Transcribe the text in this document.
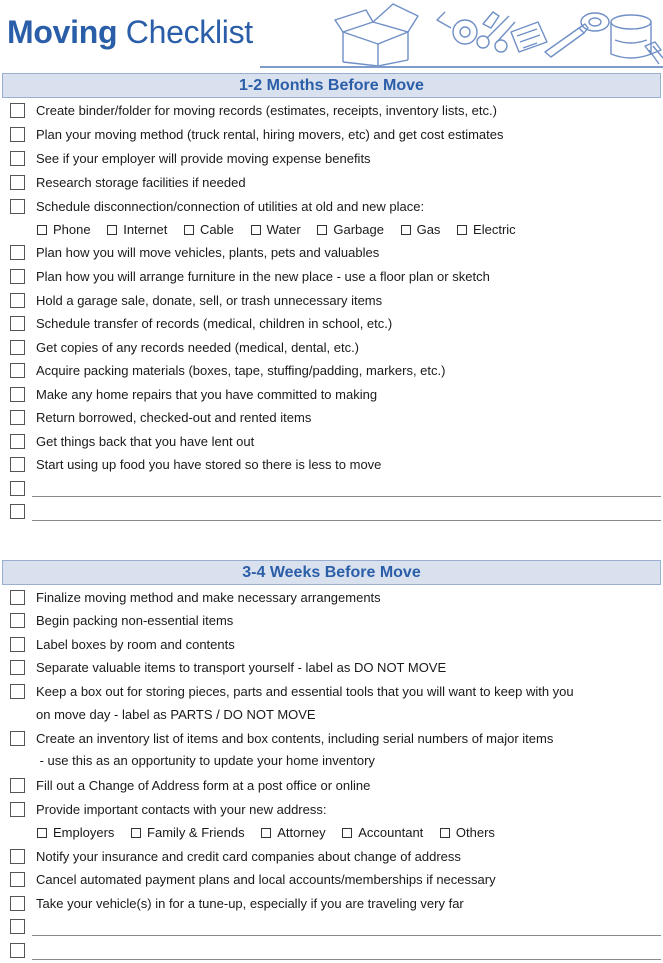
Moving Checklist
1-2 Months Before Move
Create binder/folder for moving records (estimates, receipts, inventory lists, etc.)
Plan your moving method (truck rental, hiring movers, etc) and get cost estimates
See if your employer will provide moving expense benefits
Research storage facilities if needed
Schedule disconnection/connection of utilities at old and new place:
Phone	Internet	Cable	Water	Garbage	Gas	Electric
Plan how you will move vehicles, plants, pets and valuables
Plan how you will arrange furniture in the new place - use a floor plan or sketch
Hold a garage sale, donate, sell, or trash unnecessary items
Schedule transfer of records (medical, children in school, etc.)
Get copies of any records needed (medical, dental, etc.)
Acquire packing materials (boxes, tape, stuffing/padding, markers, etc.)
Make any home repairs that you have committed to making
Return borrowed, checked-out and rented items
Get things back that you have lent out
Start using up food you have stored so there is less to move
3-4 Weeks Before Move
Finalize moving method and make necessary arrangements
Begin packing non-essential items
Label boxes by room and contents
Separate valuable items to transport yourself - label as DO NOT MOVE
Keep a box out for storing pieces, parts and essential tools that you will want to keep with you
on move day - label as PARTS / DO NOT MOVE
Create an inventory list of items and box contents, including serial numbers of major items
- use this as an opportunity to update your home inventory
Fill out a Change of Address form at a post office or online
Provide important contacts with your new address:
Employers	Family & Friends	Attorney	Accountant	Others
Notify your insurance and credit card companies about change of address
Cancel automated payment plans and local accounts/memberships if necessary
Take your vehicle(s) in for a tune-up, especially if you are traveling very far
